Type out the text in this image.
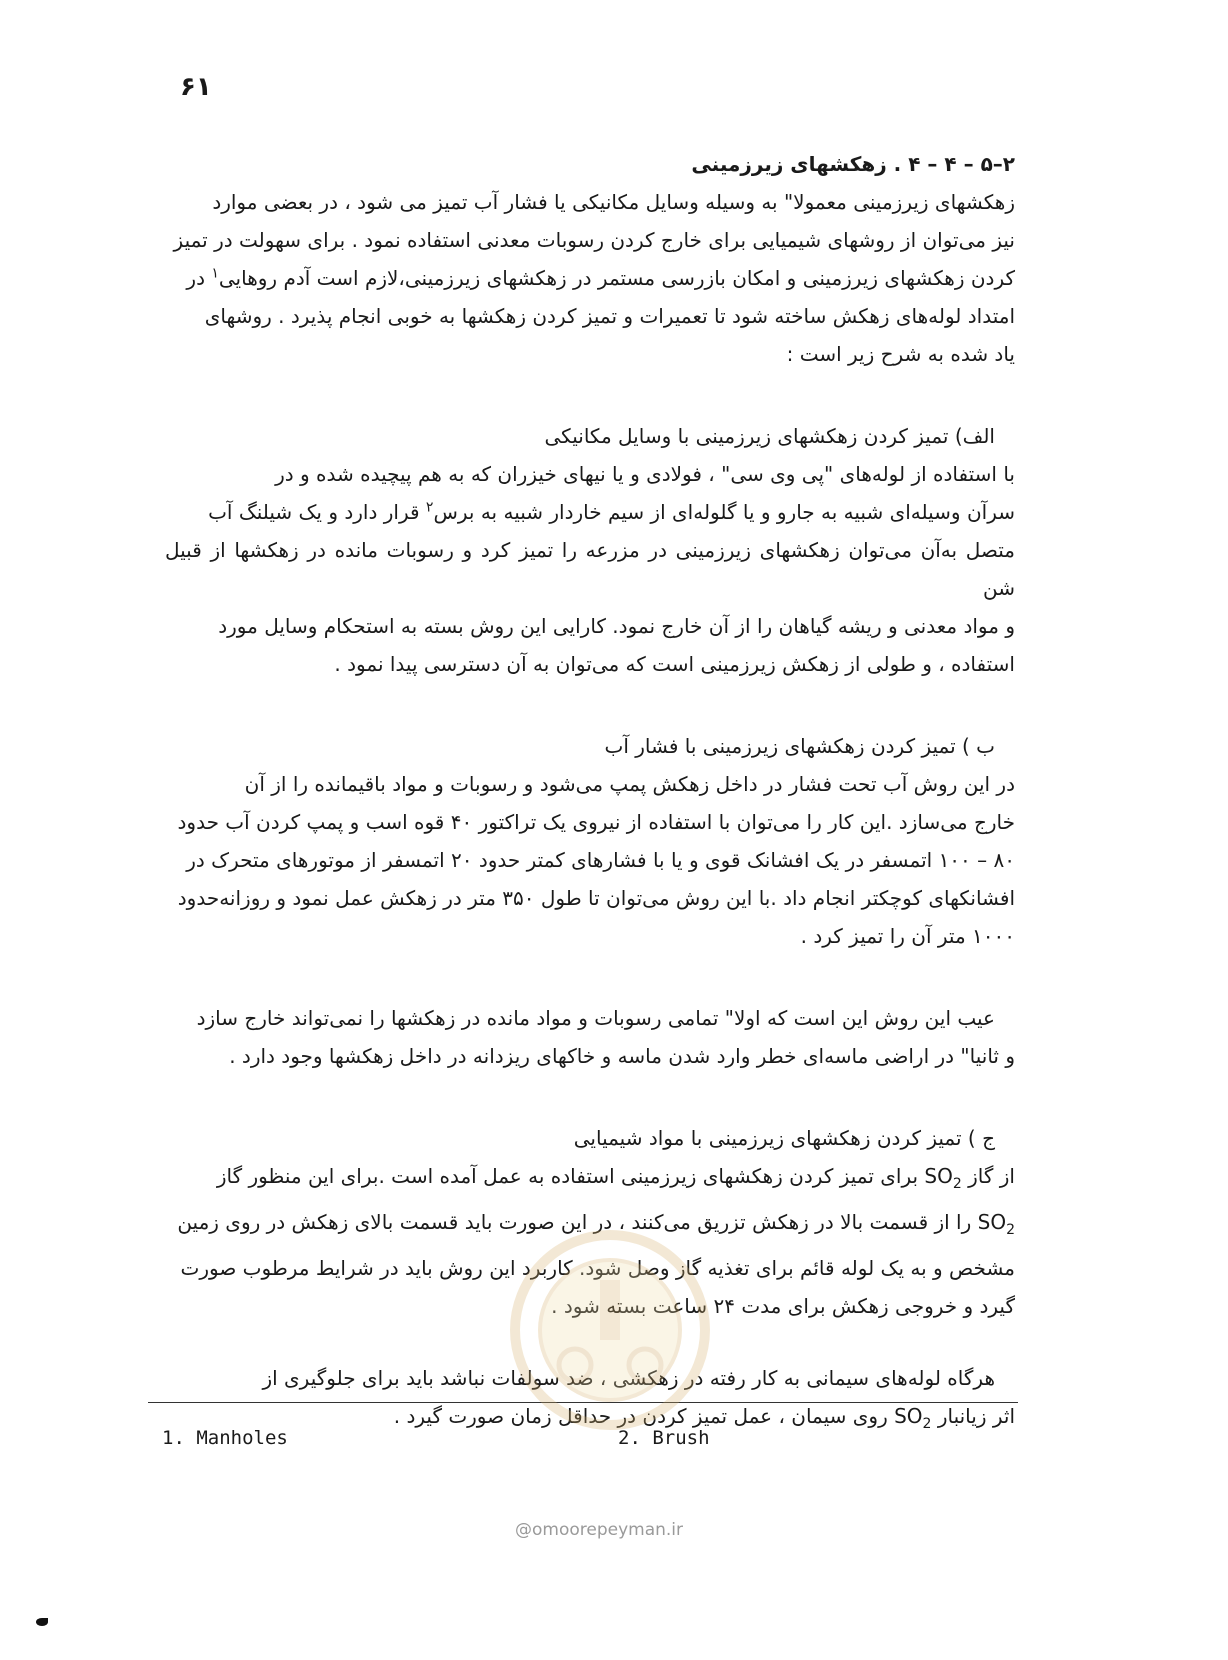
۶۱

۲–۵ – ۴ – ۴ . زهکشهای زیرزمینی

زهکشهای زیرزمینی معمولا" به وسیله وسایل مکانیکی یا فشار آب تمیز می شود ، در بعضی موارد

نیز می‌توان از روشهای شیمیایی برای خارج کردن رسوبات معدنی استفاده نمود . برای سهولت در تمیز

کردن زهکشهای زیرزمینی و امکان بازرسی مستمر در زهکشهای زیرزمینی،لازم است آدم روهایی$^۱$ در

امتداد لوله‌های زهکش ساخته شود تا تعمیرات و تمیز کردن زهکشها به خوبی انجام پذیرد . روشهای

یاد شده به شرح زیر است :

الف) تمیز کردن زهکشهای زیرزمینی با وسایل مکانیکی

با استفاده از لوله‌های "پی وی سی" ، فولادی و یا نیهای خیزران که به هم پیچیده شده و در

سرآن وسیله‌ای شبیه به جارو و یا گلوله‌ای از سیم خاردار شبیه به برس$^۲$ قرار دارد و یک شیلنگ آب

متصل به‌آن می‌توان زهکشهای زیرزمینی در مزرعه را تمیز کرد و رسوبات مانده در زهکشها از قبیل شن

و مواد معدنی و ریشه گیاهان را از آن خارج نمود. کارایی این روش بسته به استحکام وسایل مورد

استفاده ، و طولی از زهکش زیرزمینی است که می‌توان به آن دسترسی پیدا نمود .

ب ) تمیز کردن زهکشهای زیرزمینی با فشار آب

در این روش آب تحت فشار در داخل زهکش پمپ می‌شود و رسوبات و مواد باقیمانده را از آن

خارج می‌سازد .این کار را می‌توان با استفاده از نیروی یک تراکتور ۴۰ قوه اسب و پمپ کردن آب حدود

۸۰ – ۱۰۰ اتمسفر در یک افشانک قوی و یا با فشارهای کمتر حدود ۲۰ اتمسفر از موتورهای متحرک در

افشانکهای کوچکتر انجام داد .با این روش می‌توان تا طول ۳۵۰ متر در زهکش عمل نمود و روزانه‌حدود

۱۰۰۰ متر آن را تمیز کرد .

عیب این روش این است که اولا" تمامی رسوبات و مواد مانده در زهکشها را نمی‌تواند خارج سازد

و ثانیا" در اراضی ماسه‌ای خطر وارد شدن ماسه و خاکهای ریزدانه در داخل زهکشها وجود دارد .

ج ) تمیز کردن زهکشهای زیرزمینی با مواد شیمیایی

از گاز $SO_2$ برای تمیز کردن زهکشهای زیرزمینی استفاده به عمل آمده است .برای این منظور گاز

$SO_2$ را از قسمت بالا در زهکش تزریق می‌کنند ، در این صورت باید قسمت بالای زهکش در روی زمین

مشخص و به یک لوله قائم برای تغذیه گاز وصل شود. کاربرد این روش باید در شرایط مرطوب صورت

گیرد و خروجی زهکش برای مدت ۲۴ ساعت بسته شود .

هرگاه لوله‌های سیمانی به کار رفته در زهکشی ، ضد سولفات نباشد باید برای جلوگیری از

اثر زیانبار $SO_2$ روی سیمان ، عمل تمیز کردن در حداقل زمان صورت گیرد .

1. Manholes	2. Brush
@omoorepeyman.ir
